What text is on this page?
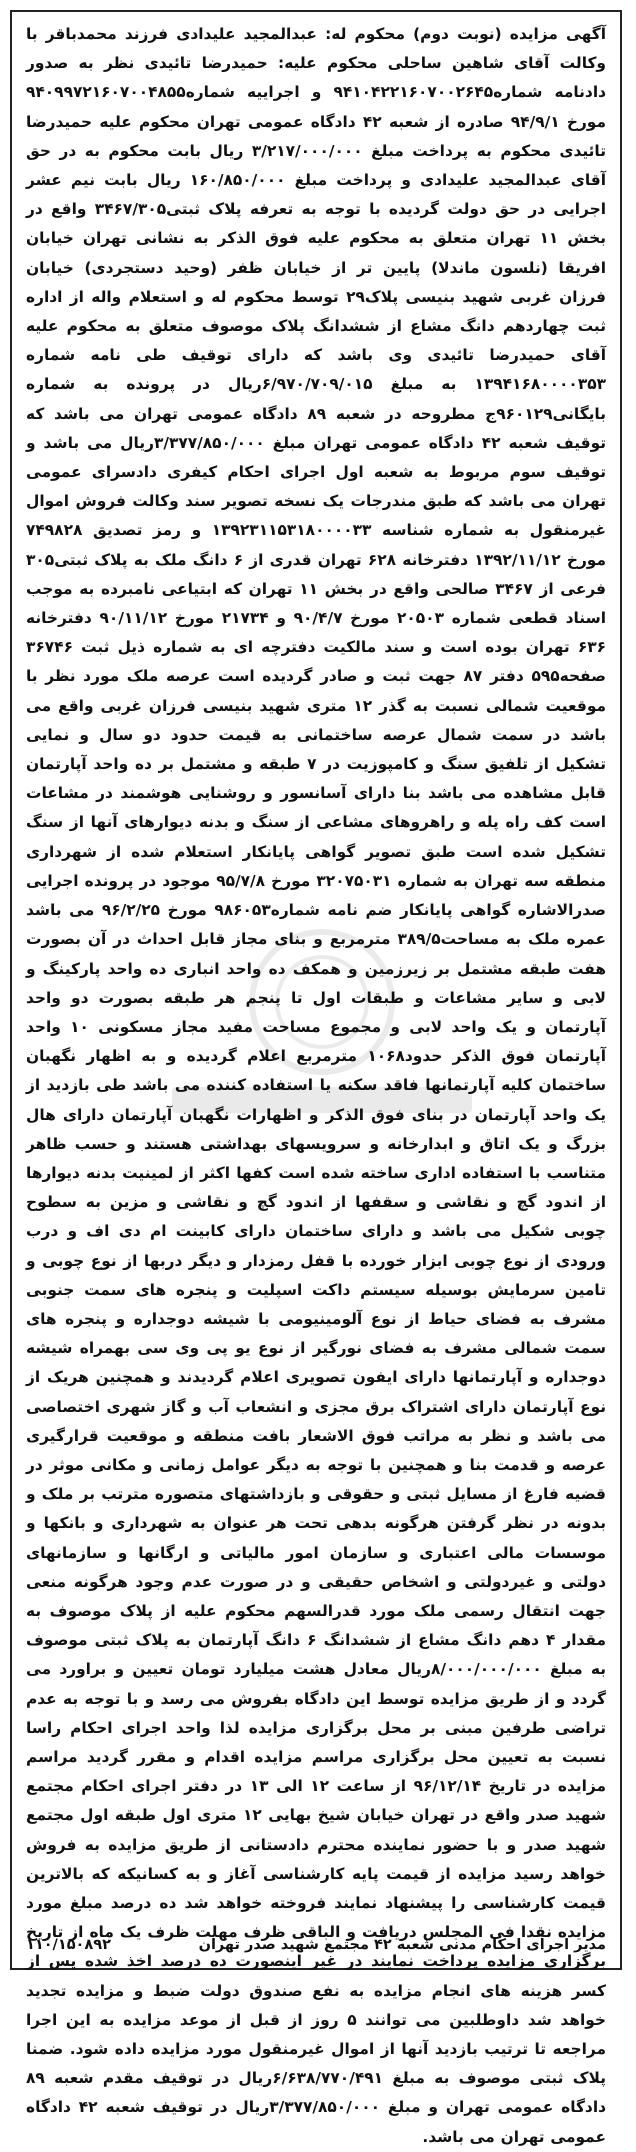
آگهی مزایده (نوبت دوم) محکوم له: عبدالمجید علیدادی فرزند محمدباقر با وکالت آقای شاهین ساحلی محکوم علیه: حمیدرضا تائیدی نظر به صدور دادنامه شماره۹۴۱۰۴۲۲۱۶۰۷۰۰۲۶۴۵ و اجراییه شماره۹۴۰۹۹۷۲۱۶۰۷۰۰۴۸۵۵ مورخ ۹۴/۹/۱ صادره از شعبه ۴۲ دادگاه عمومی تهران محکوم علیه حمیدرضا تائیدی محکوم به پرداخت مبلغ ۳/۲۱۷/۰۰۰/۰۰۰ ریال بابت محکوم به در حق آقای عبدالمجید علیدادی و پرداخت مبلغ ۱۶۰/۸۵۰/۰۰۰ ریال بابت نیم عشر اجرایی در حق دولت گردیده با توجه به تعرفه پلاک ثبتی۳۴۶۷/۳۰۵ واقع در بخش ۱۱ تهران متعلق به محکوم علیه فوق الذکر به نشانی تهران خیابان افریقا (نلسون ماندلا) پایین تر از خیابان ظفر (وحید دستجردی) خیابان فرزان غربی شهید بنیسی پلاک۲۹ توسط محکوم له و استعلام واله از اداره ثبت چهاردهم دانگ مشاع از ششدانگ پلاک موصوف متعلق به محکوم علیه آقای حمیدرضا تائیدی وی باشد که دارای توقیف طی نامه شماره ۱۳۹۴۱۶۸۰۰۰۰۳۵۳ به مبلغ ۶/۹۷۰/۷۰۹/۰۱۵ریال در پرونده به شماره بایگانی۹۶۰۱۲۹ج مطروحه در شعبه ۸۹ دادگاه عمومی تهران می باشد که توقیف شعبه ۴۲ دادگاه عمومی تهران مبلغ ۳/۳۷۷/۸۵۰/۰۰۰ریال می باشد و توقیف سوم مربوط به شعبه اول اجرای احکام کیفری دادسرای عمومی تهران می باشد که طبق مندرجات یک نسخه تصویر سند وکالت فروش اموال غیرمنقول به شماره شناسه ۱۳۹۲۳۱۱۵۳۱۸۰۰۰۰۳۳ و رمز تصدیق ۷۴۹۸۲۸ مورخ ۱۳۹۲/۱۱/۱۲ دفترخانه ۶۲۸ تهران قدری از ۶ دانگ ملک به پلاک ثبتی۳۰۵ فرعی از ۳۴۶۷ صالحی واقع در بخش ۱۱ تهران که ابتیاعی نامبرده به موجب اسناد قطعی شماره ۲۰۵۰۳ مورخ ۹۰/۴/۷ و ۲۱۷۳۴ مورخ ۹۰/۱۱/۱۲ دفترخانه ۶۳۶ تهران بوده است و سند مالکیت دفترچه ای به شماره ذیل ثبت ۳۶۷۴۶ صفحه۵۹۵ دفتر ۸۷ جهت ثبت و صادر گردیده است عرصه ملک مورد نظر با موقعیت شمالی نسبت به گذر ۱۲ متری شهید بنیسی فرزان غربی واقع می باشد در سمت شمال عرصه ساختمانی به قیمت حدود دو سال و نمایی تشکیل از تلفیق سنگ و کامپوزیت در ۷ طبقه و مشتمل بر ده واحد آپارتمان قابل مشاهده می باشد بنا دارای آسانسور و روشنایی هوشمند در مشاعات است کف راه پله و راهروهای مشاعی از سنگ و بدنه دیوارهای آنها از سنگ تشکیل شده است طبق تصویر گواهی پایانکار استعلام شده از شهرداری منطقه سه تهران به شماره ۳۲۰۷۵۰۳۱ مورخ ۹۵/۷/۸ موجود در پرونده اجرایی صدرالاشاره گواهی پایانکار ضم نامه شماره۹۸۶۰۵۳ مورخ ۹۶/۲/۲۵ می باشد عمره ملک به مساحت۳۸۹/۵ مترمربع و بنای مجاز قابل احداث در آن بصورت هفت طبقه مشتمل بر زیرزمین و همکف ده واحد انباری ده واحد پارکینگ و لابی و سایر مشاعات و طبقات اول تا پنجم هر طبقه بصورت دو واحد آپارتمان و یک واحد لابی و مجموع مساحت مفید مجاز مسکونی ۱۰ واحد آپارتمان فوق الذکر حدود۱۰۶۸ مترمربع اعلام گردیده و به اظهار نگهبان ساختمان کلیه آپارتمانها فاقد سکنه یا استفاده کننده می باشد طی بازدید از یک واحد آپارتمان در بنای فوق الذکر و اظهارات نگهبان آپارتمان دارای هال بزرگ و یک اتاق و ابدارخانه و سرویسهای بهداشتی هستند و حسب ظاهر متناسب با استفاده اداری ساخته شده است کفها اکثر از لمینیت بدنه دیوارها از اندود گچ و نقاشی و سقفها از اندود گچ و نقاشی و مزین به سطوح چوبی شکیل می باشد و دارای ساختمان دارای کابینت ام دی اف و درب ورودی از نوع چوبی ابزار خورده با قفل رمزدار و دیگر دربها از نوع چوبی و تامین سرمایش بوسیله سیستم داکت اسپلیت و پنجره های سمت جنوبی مشرف به فضای حیاط از نوع آلومینیومی با شیشه دوجداره و پنجره های سمت شمالی مشرف به فضای نورگیر از نوع یو پی وی سی بهمراه شیشه دوجداره و آپارتمانها دارای ایفون تصویری اعلام گردیدند و همچنین هریک از نوع آپارتمان دارای اشتراک برق مجزی و انشعاب آب و گاز شهری اختصاصی می باشد و نظر به مراتب فوق الاشعار بافت منطقه و موقعیت قرارگیری عرصه و قدمت بنا و همچنین با توجه به دیگر عوامل زمانی و مکانی موثر در قضیه فارغ از مسایل ثبتی و حقوقی و بازداشتهای متصوره مترتب بر ملک و بدونه در نظر گرفتن هرگونه بدهی تحت هر عنوان به شهرداری و بانکها و موسسات مالی اعتباری و سازمان امور مالیاتی و ارگانها و سازمانهای دولتی و غیردولتی و اشخاص حقیقی و در صورت عدم وجود هرگونه منعی جهت انتقال رسمی ملک مورد قدرالسهم محکوم علیه از پلاک موصوف به مقدار ۴ دهم دانگ مشاع از ششدانگ ۶ دانگ آپارتمان به پلاک ثبتی موصوف به مبلغ ۸/۰۰۰/۰۰۰/۰۰۰ریال معادل هشت میلیارد تومان تعیین و براورد می گردد و از طریق مزایده توسط این دادگاه بفروش می رسد و با توجه به عدم تراضی طرفین مبنی بر محل برگزاری مزایده لذا واحد اجرای احکام راسا نسبت به تعیین محل برگزاری مراسم مزایده اقدام و مقرر گردید مراسم مزایده در تاریخ ۹۶/۱۲/۱۴ از ساعت ۱۲ الی ۱۳ در دفتر اجرای احکام مجتمع شهید صدر واقع در تهران خیابان شیخ بهایی ۱۲ متری اول طبقه اول مجتمع شهید صدر و با حضور نماینده محترم دادستانی از طریق مزایده به فروش خواهد رسید مزایده از قیمت پایه کارشناسی آغاز و به کسانیکه که بالاترین قیمت کارشناسی را پیشنهاد نمایند فروخته خواهد شد ده درصد مبلغ مورد مزایده نقدا فی المجلس دریافت و الباقی ظرف مهلت ظرف یک ماه از تاریخ برگزاری مزایده پرداخت نمایند در غیر اینصورت ده درصد اخذ شده پس از کسر هزینه های انجام مزایده به نفع صندوق دولت ضبط و مزایده تجدید خواهد شد داوطلبین می توانند ۵ روز از قبل از موعد مزایده به این اجرا مراجعه تا ترتیب بازدید آنها از اموال غیرمنقول مورد مزایده داده شود. ضمنا پلاک ثبتی موصوف به مبلغ ۶/۶۳۸/۷۷۰/۴۹۱ریال در توقیف مقدم شعبه ۸۹ دادگاه عمومی تهران و مبلغ ۳/۳۷۷/۸۵۰/۰۰۰ریال در توقیف شعبه ۴۲ دادگاه عمومی تهران می باشد.
مدیر اجرای احکام مدنی شعبه ۴۲ مجتمع شهید صدر تهران
۱۱۰/۱۵۰۸۹۲
